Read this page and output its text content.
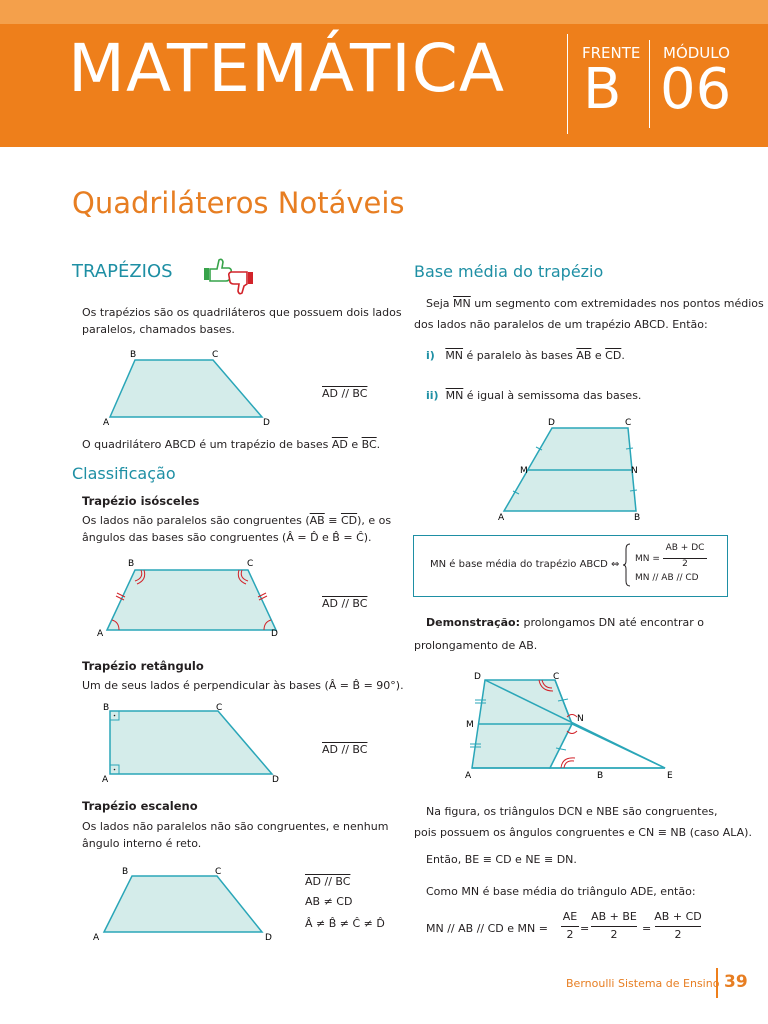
MATEMÁTICA	FRENTE MÓDULO
B 06
Quadriláteros Notáveis
TRAPÉZIOS
Os trapézios são os quadriláteros que possuem dois lados
paralelos, chamados bases.
B	C
A	D
AD // BC
O quadrilátero ABCD é um trapézio de bases $\overline{AD}$ e $\overline{BC}$.
Classificação
Trapézio isósceles
Os lados não paralelos são congruentes $(\overline{AB} \equiv \overline{CD})$, e os
ângulos das bases são congruentes (Â = D̂ e B̂ = Ĉ).
B	C
A	D
AD // BC
Trapézio retângulo
Um de seus lados é perpendicular às bases (Â = B̂ = 90°).
B	C
A	D
AD // BC
Trapézio escaleno
Os lados não paralelos não são congruentes, e nenhum
ângulo interno é reto.
B	C
A	D
AD // BC
AB ≠ CD
Â ≠ B̂ ≠ Ĉ ≠ D̂
Base média do trapézio
Seja $\overline{MN}$ um segmento com extremidades nos pontos médios
dos lados não paralelos de um trapézio ABCD. Então:
i) $\overline{MN}$ é paralelo às bases $\overline{AB}$ e $\overline{CD}$.
ii) $\overline{MN}$ é igual à semissoma das bases.
D	C
M	N
A	B
MN é base média do trapézio ABCD ⇔ MN =
AB + DC
2
MN // AB // CD
Demonstração: prolongamos DN até encontrar o
prolongamento de AB.
D	C
M
N
A	B	E
Na figura, os triângulos DCN e NBE são congruentes,
pois possuem os ângulos congruentes e CN ≡ NB (caso ALA).
Então, BE ≡ CD e NE ≡ DN.
Como MN é base média do triângulo ADE, então:
MN // AB // CD e MN =
AE
2 =
AB + BE
2	=
AB + CD
2
Bernoulli Sistema de Ensino 39
